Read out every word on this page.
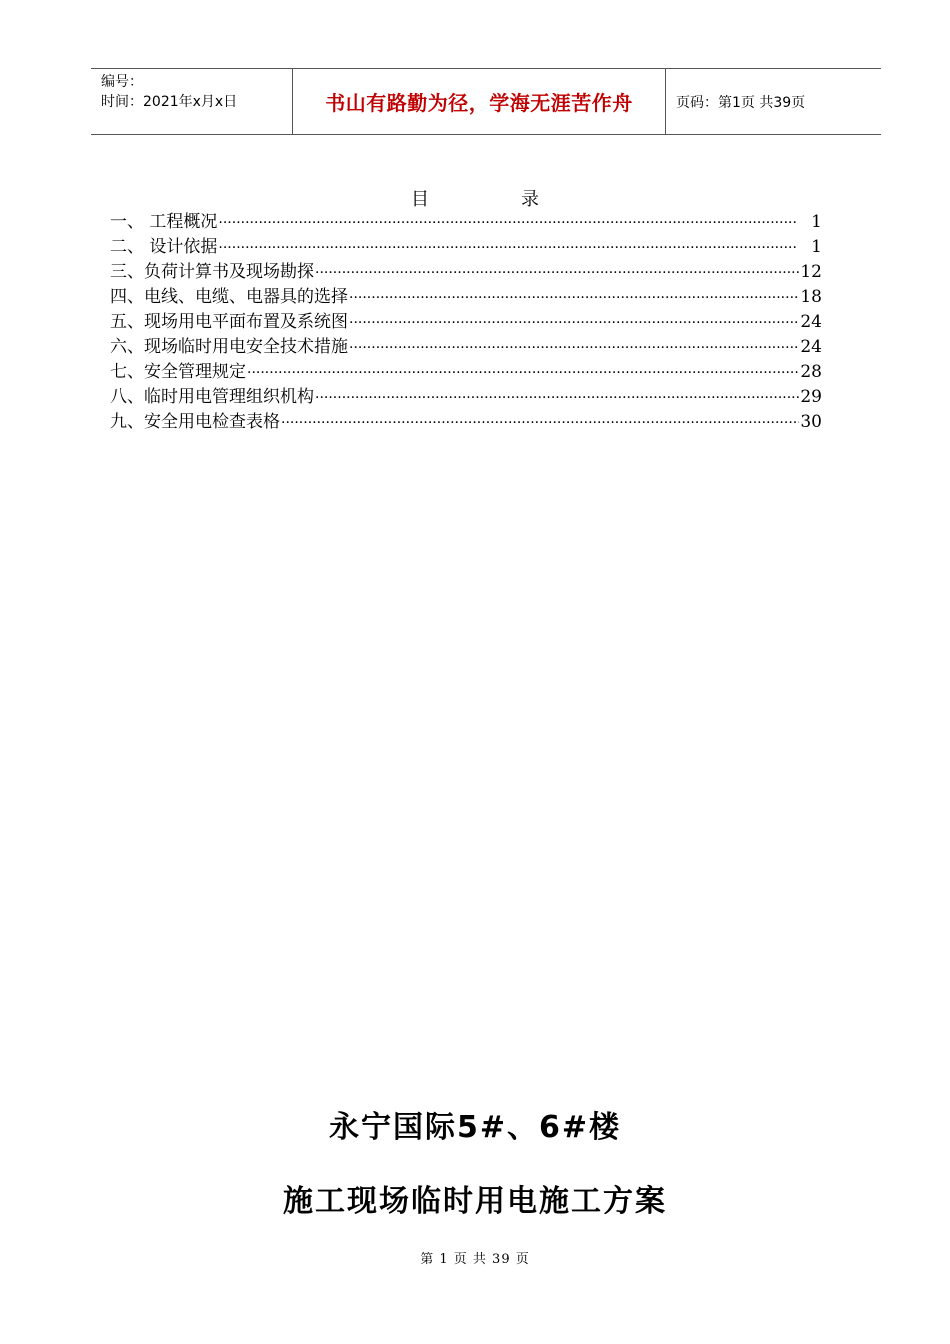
编号：
时间：2021年x月x日	书山有路勤为径，学海无涯苦作舟	页码：第1页 共39页
目	录
一、 工程概况 ·····	1
二、 设计依据 ·····	1
三、负荷计算书及现场勘探 ·····	12
四、电线、电缆、电器具的选择 ·····	18
五、现场用电平面布置及系统图 ·····	24
六、现场临时用电安全技术措施 ·····	24
七、安全管理规定 ·····	28
八、临时用电管理组织机构 ·····	29
九、安全用电检查表格 ·····	30
永宁国际5#、6#楼
施工现场临时用电施工方案
第 1 页 共 39 页
